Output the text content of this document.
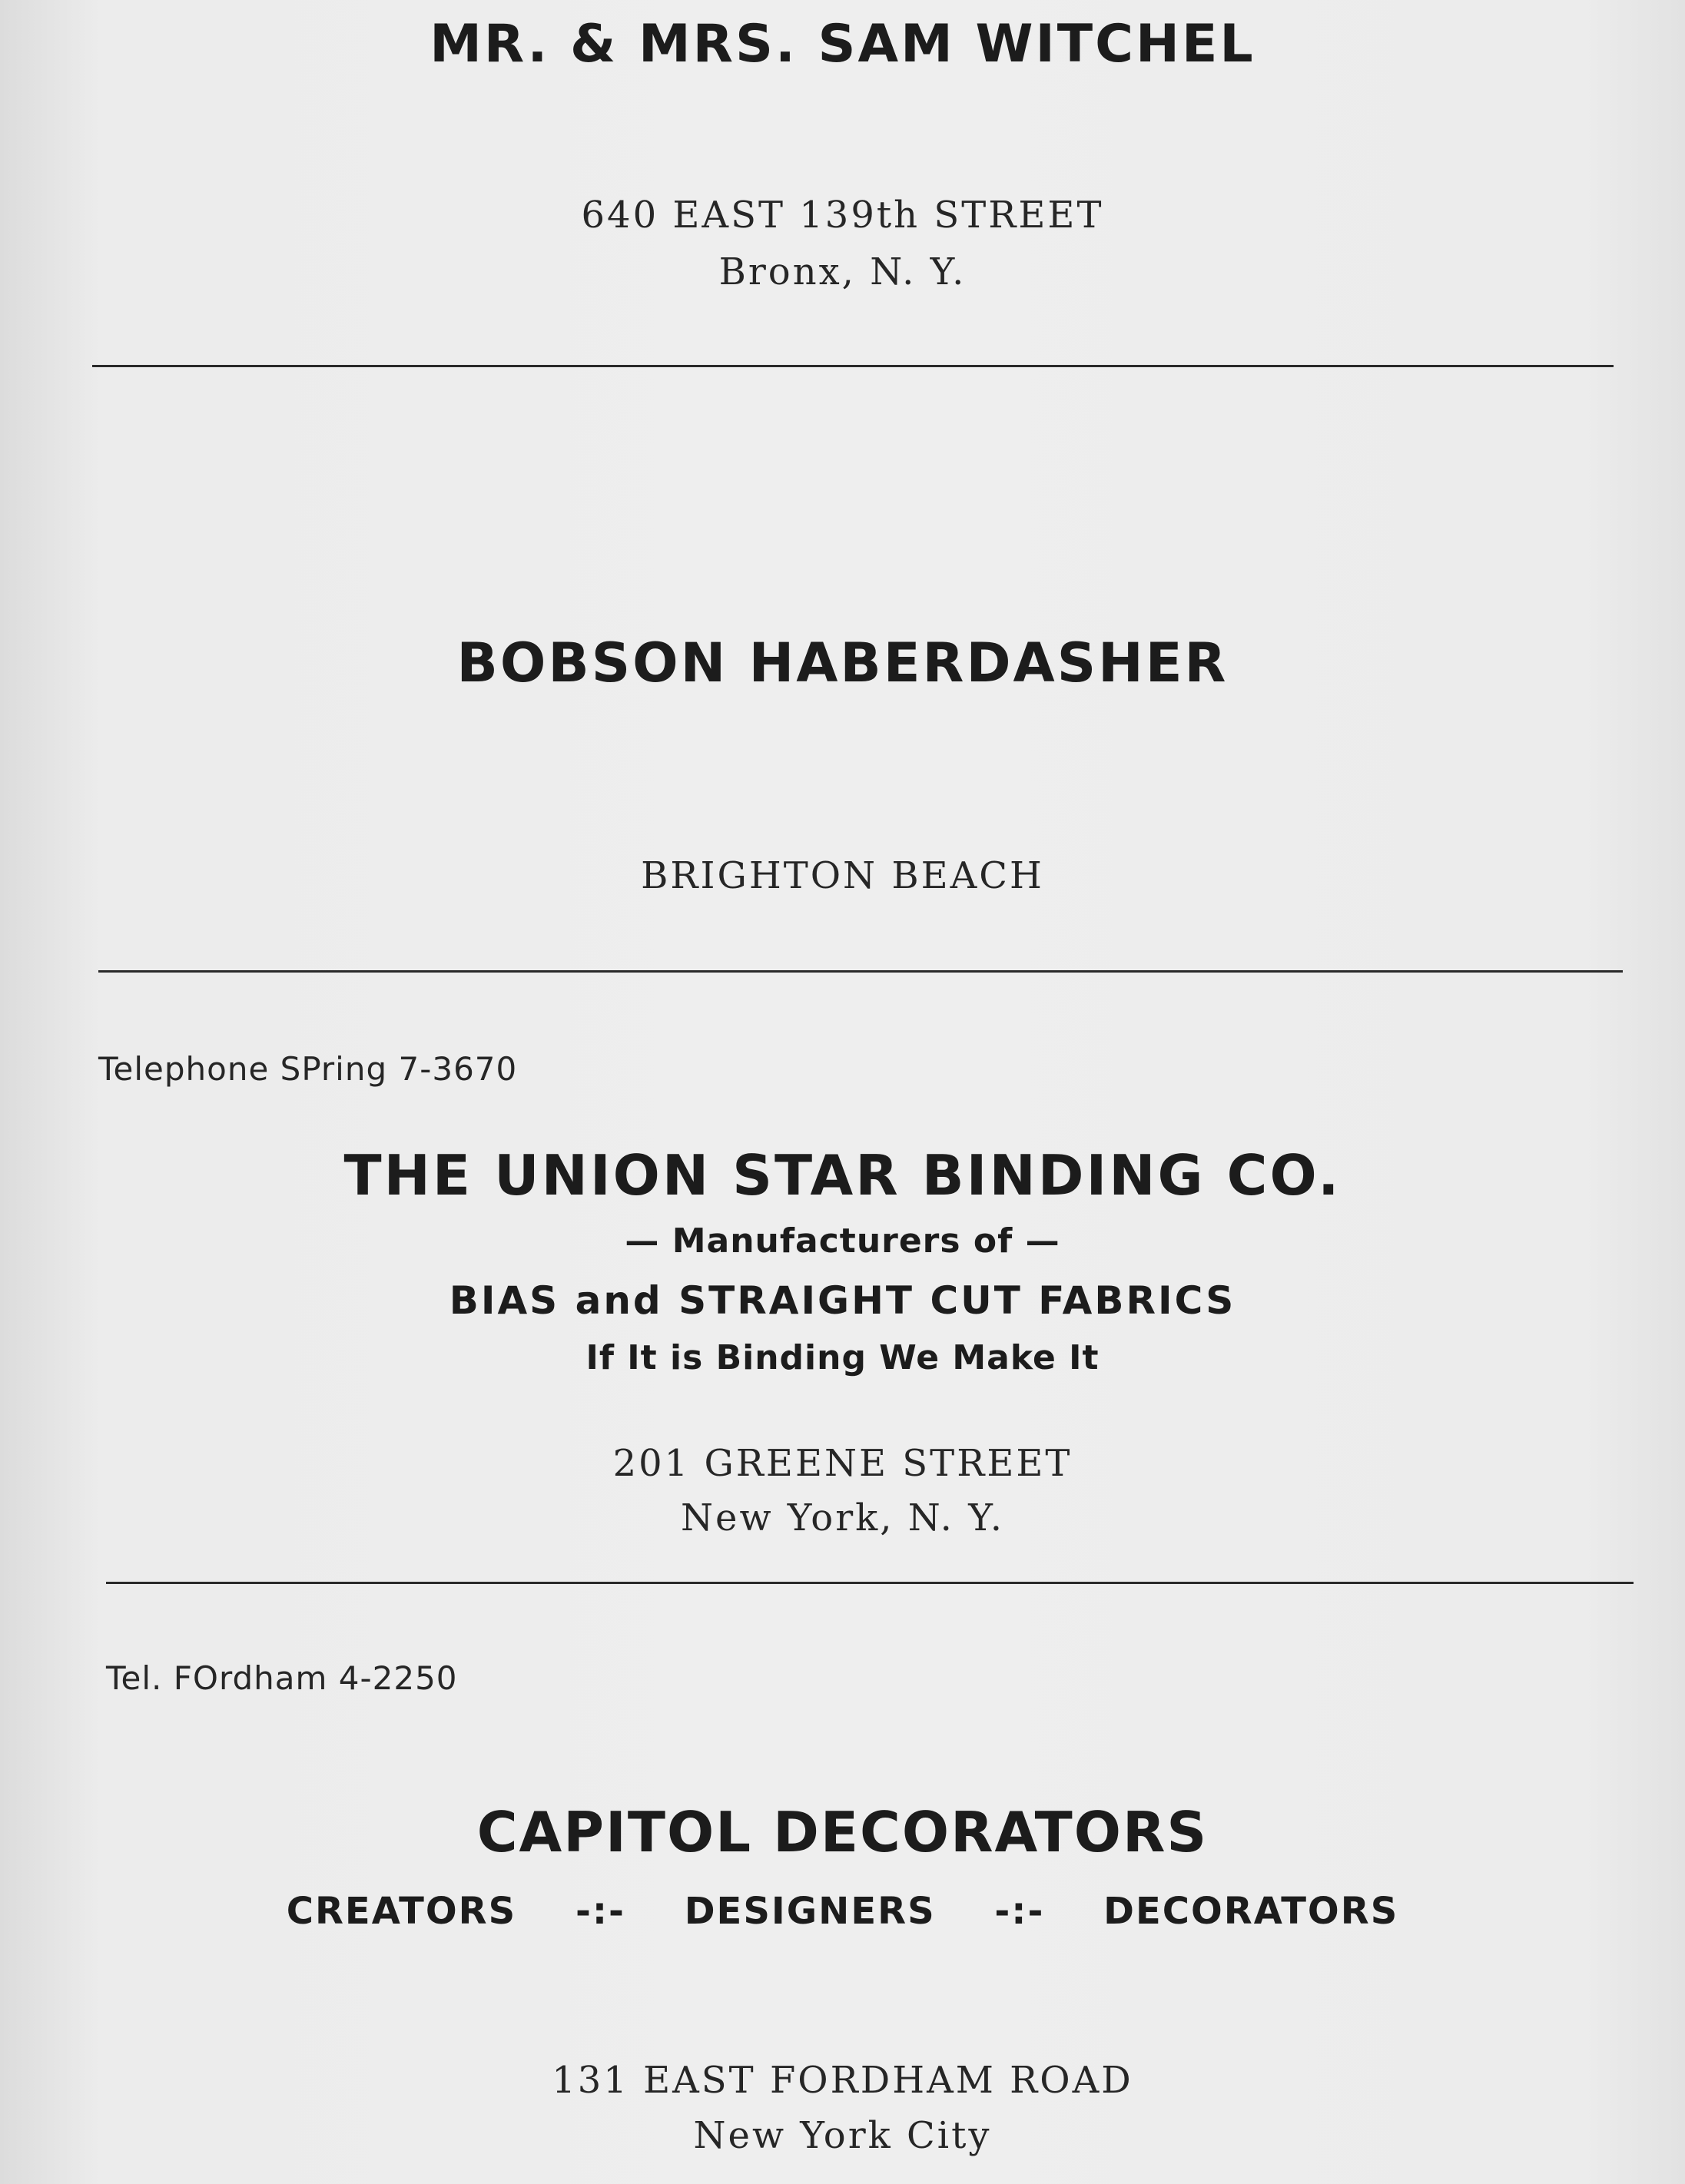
MR. & MRS. SAM WITCHEL
640 EAST 139th STREET
Bronx, N. Y.
BOBSON HABERDASHER
BRIGHTON BEACH
Telephone SPring 7-3670
THE UNION STAR BINDING CO.
— Manufacturers of —
BIAS and STRAIGHT CUT FABRICS
If It is Binding We Make It
201 GREENE STREET
New York, N. Y.
Tel. FOrdham 4-2250
CAPITOL DECORATORS
CREATORS -:- DESIGNERS -:- DECORATORS
131 EAST FORDHAM ROAD
New York City
